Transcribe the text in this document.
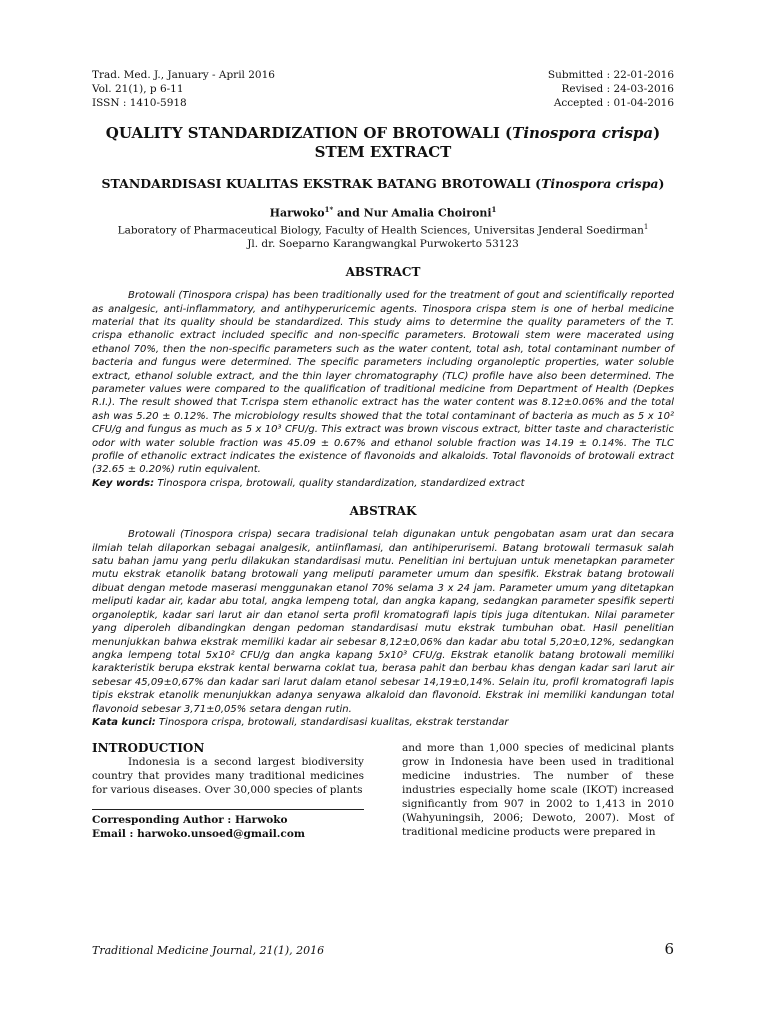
Trad. Med. J., January - April 2016
Vol. 21(1), p 6-11
ISSN : 1410-5918
Submitted : 22-01-2016
Revised : 24-03-2016
Accepted : 01-04-2016
QUALITY STANDARDIZATION OF BROTOWALI (Tinospora crispa)
STEM EXTRACT
STANDARDISASI KUALITAS EKSTRAK BATANG BROTOWALI (Tinospora crispa)
Harwoko$^{1*}$ and Nur Amalia Choironi$^1$
Laboratory of Pharmaceutical Biology, Faculty of Health Sciences, Universitas Jenderal Soedirman$^1$
Jl. dr. Soeparno Karangwangkal Purwokerto 53123
ABSTRACT

Brotowali (Tinospora crispa) has been traditionally used for the treatment of gout and scientifically reported as analgesic, anti-inflammatory, and antihyperuricemic agents. Tinospora crispa stem is one of herbal medicine material that its quality should be standardized. This study aims to determine the quality parameters of the T. crispa ethanolic extract included specific and non-specific parameters. Brotowali stem were macerated using ethanol 70%, then the non-specific parameters such as the water content, total ash, total contaminant number of bacteria and fungus were determined. The specific parameters including organoleptic properties, water soluble extract, ethanol soluble extract, and the thin layer chromatography (TLC) profile have also been determined. The parameter values were compared to the qualification of traditional medicine from Department of Health (Depkes R.I.). The result showed that T.crispa stem ethanolic extract has the water content was 8.12±0.06% and the total ash was 5.20 ± 0.12%. The microbiology results showed that the total contaminant of bacteria as much as 5 x 10² CFU/g and fungus as much as 5 x 10³ CFU/g. This extract was brown viscous extract, bitter taste and characteristic odor with water soluble fraction was 45.09 ± 0.67% and ethanol soluble fraction was 14.19 ± 0.14%. The TLC profile of ethanolic extract indicates the existence of flavonoids and alkaloids. Total flavonoids of brotowali extract (32.65 ± 0.20%) rutin equivalent.

Key words: Tinospora crispa, brotowali, quality standardization, standardized extract
ABSTRAK

Brotowali (Tinospora crispa) secara tradisional telah digunakan untuk pengobatan asam urat dan secara ilmiah telah dilaporkan sebagai analgesik, antiinflamasi, dan antihiperurisemi. Batang brotowali termasuk salah satu bahan jamu yang perlu dilakukan standardisasi mutu. Penelitian ini bertujuan untuk menetapkan parameter mutu ekstrak etanolik batang brotowali yang meliputi parameter umum dan spesifik. Ekstrak batang brotowali dibuat dengan metode maserasi menggunakan etanol 70% selama 3 x 24 jam. Parameter umum yang ditetapkan meliputi kadar air, kadar abu total, angka lempeng total, dan angka kapang, sedangkan parameter spesifik seperti organoleptik, kadar sari larut air dan etanol serta profil kromatografi lapis tipis juga ditentukan. Nilai parameter yang diperoleh dibandingkan dengan pedoman standardisasi mutu ekstrak tumbuhan obat. Hasil penelitian menunjukkan bahwa ekstrak memiliki kadar air sebesar 8,12±0,06% dan kadar abu total 5,20±0,12%, sedangkan angka lempeng total 5x10² CFU/g dan angka kapang 5x10³ CFU/g. Ekstrak etanolik batang brotowali memiliki karakteristik berupa ekstrak kental berwarna coklat tua, berasa pahit dan berbau khas dengan kadar sari larut air sebesar 45,09±0,67% dan kadar sari larut dalam etanol sebesar 14,19±0,14%. Selain itu, profil kromatografi lapis tipis ekstrak etanolik menunjukkan adanya senyawa alkaloid dan flavonoid. Ekstrak ini memiliki kandungan total flavonoid sebesar 3,71±0,05% setara dengan rutin.

Kata kunci: Tinospora crispa, brotowali, standardisasi kualitas, ekstrak terstandar
INTRODUCTION

Indonesia is a second largest biodiversity country that provides many traditional medicines for various diseases. Over 30,000 species of plants

Corresponding Author : Harwoko
Email : harwoko.unsoed@gmail.com

and more than 1,000 species of medicinal plants grow in Indonesia have been used in traditional medicine industries. The number of these industries especially home scale (IKOT) increased significantly from 907 in 2002 to 1,413 in 2010 (Wahyuningsih, 2006; Dewoto, 2007). Most of traditional medicine products were prepared in

Traditional Medicine Journal, 21(1), 2016	6
